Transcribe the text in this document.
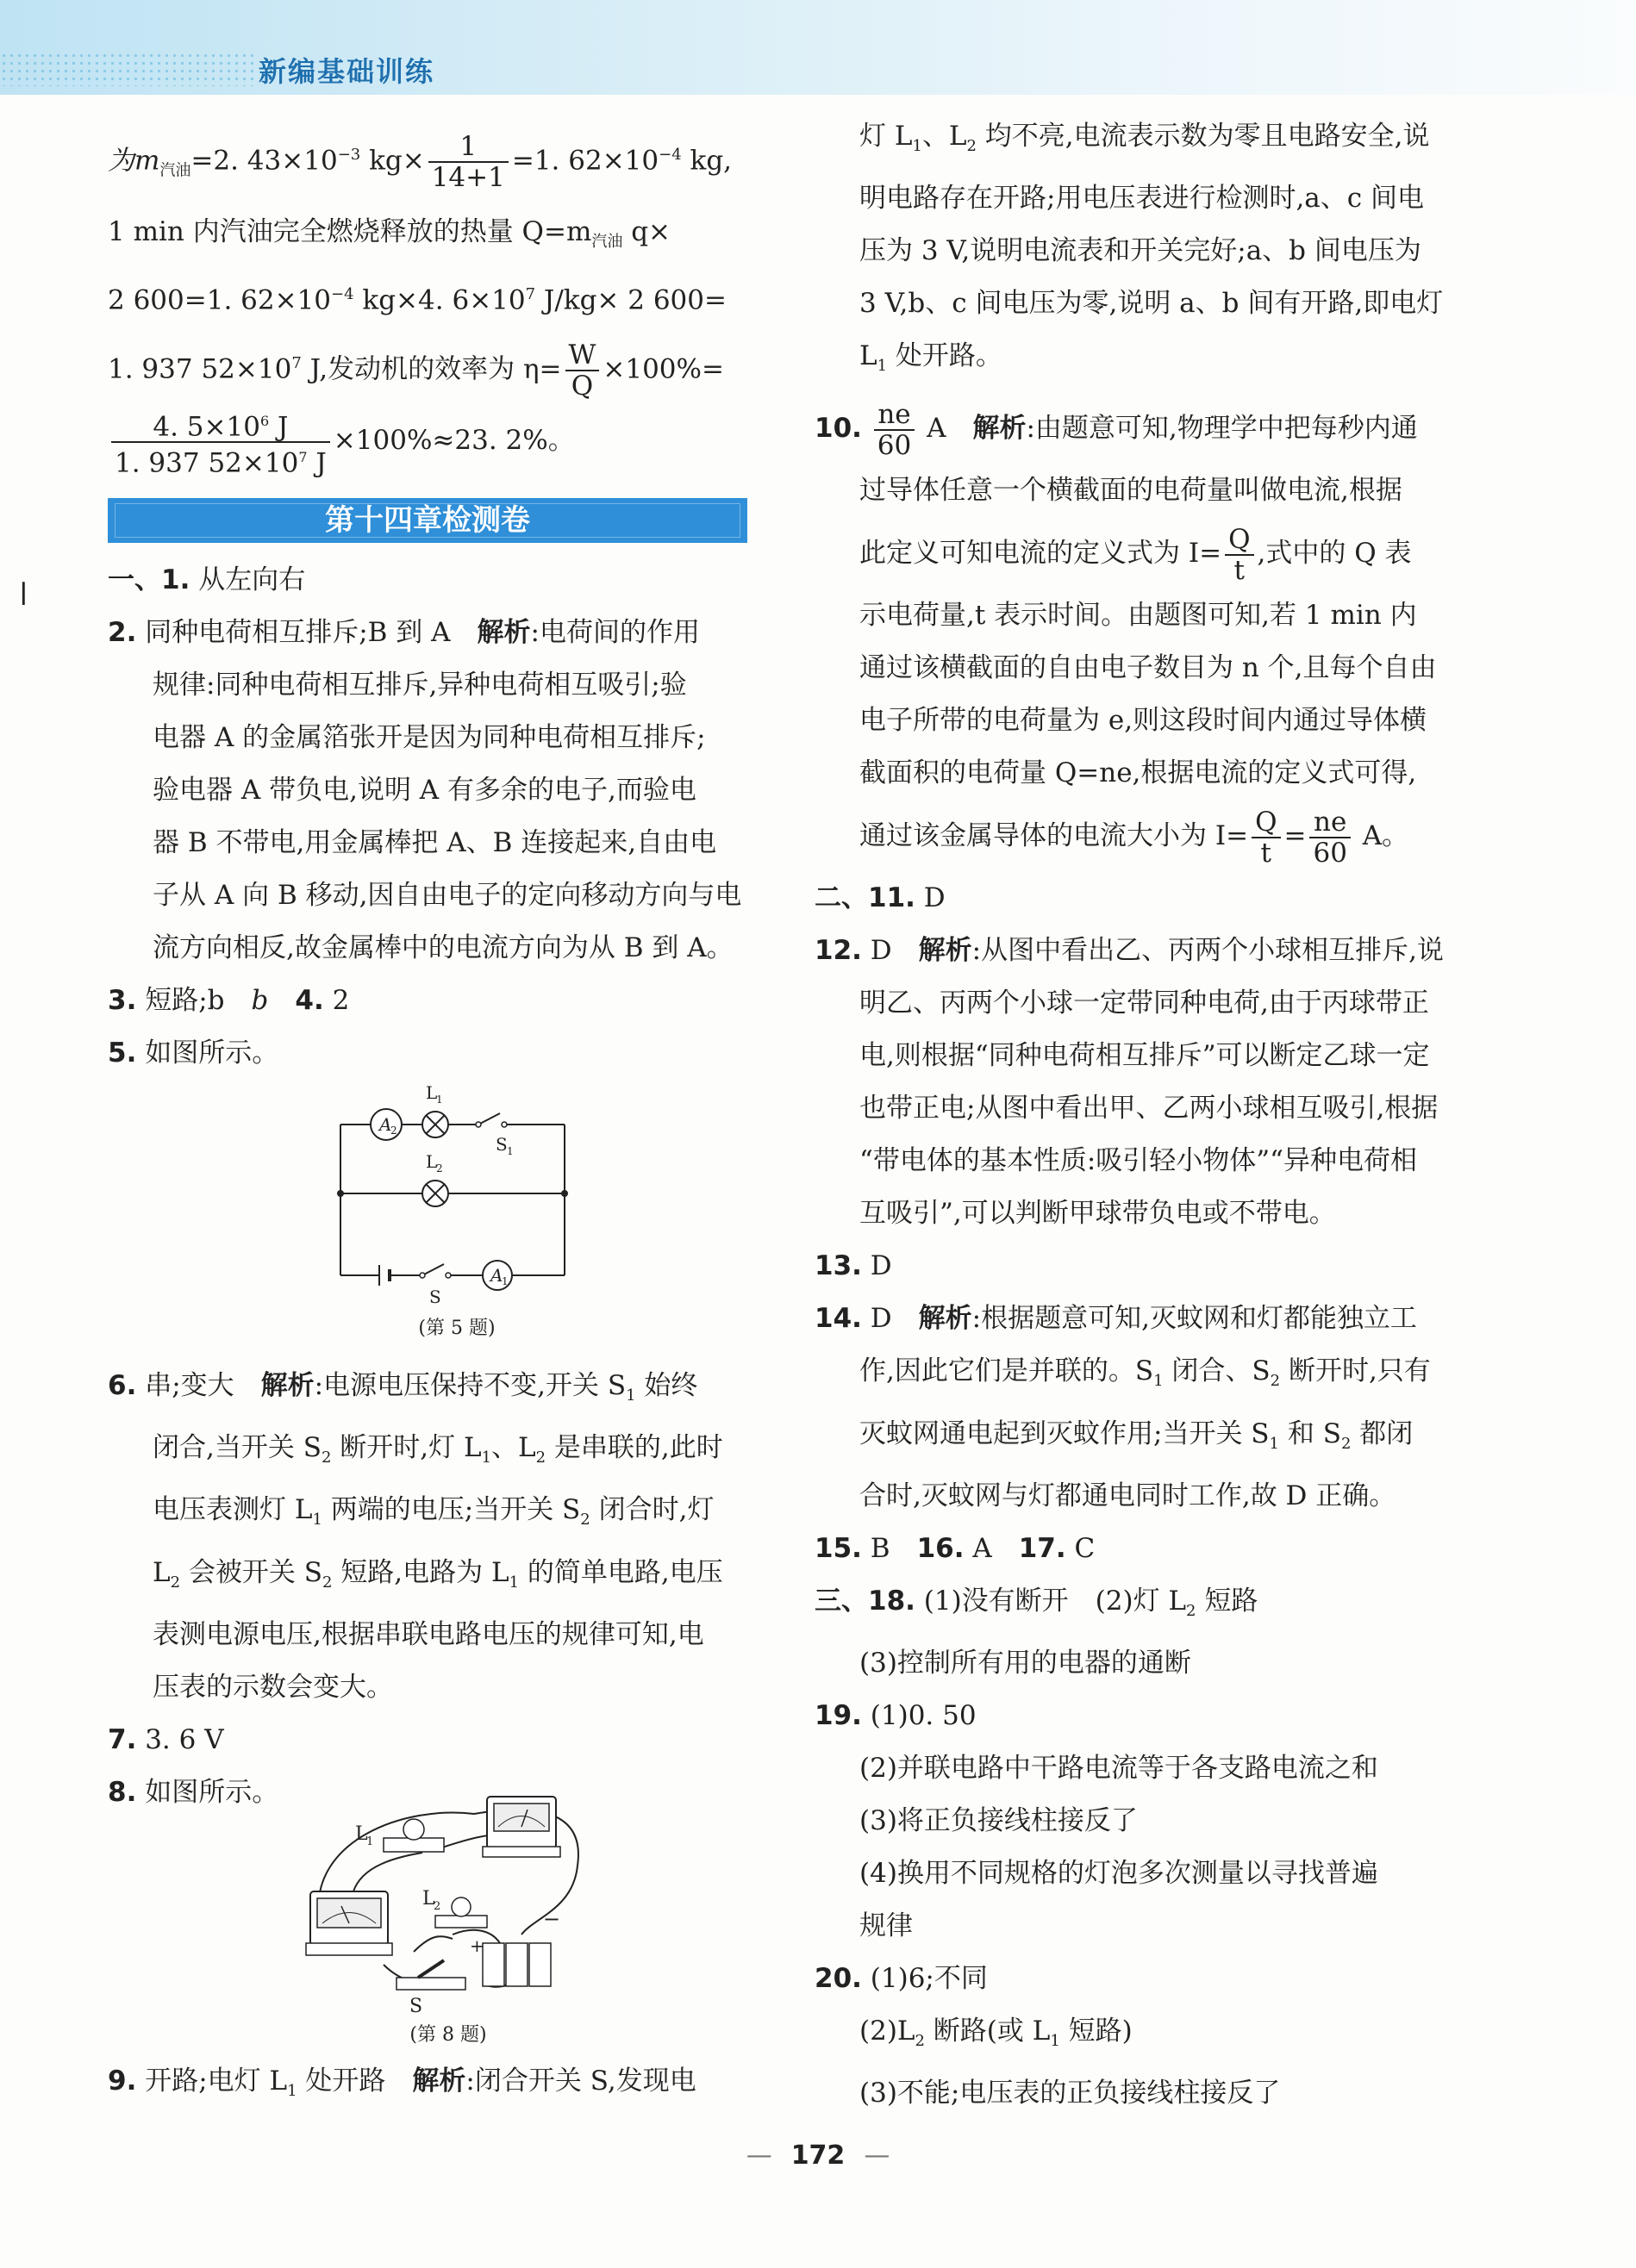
新编基础训练
ǀ
为$m_{汽油}=2$. $43\times 10^{-3}$ $kg\times \frac{1}{14+1} =1$. $62\times 10^{-4}$ kg,
1 min 内汽油完全燃烧释放的热量 $Q=m_{汽油}$ q×
2 600=1. $62\times 10^{-4}$ kg×4. $6\times 10^7$ J/kg× 2 600=
1. 937 $52\times 10^7$ J,发动机的效率为 $\eta= \frac{W}{Q} \times 100\%=$
$\frac{4. 5\times 10^6 J}{1. 937 52\times 10^7 J} \times 100\%\approx 23$. 2%。
第十四章检测卷
一、1. 从左向右
2. 同种电荷相互排斥;B 到 A　解析:电荷间的作用
规律:同种电荷相互排斥,异种电荷相互吸引;验
电器 A 的金属箔张开是因为同种电荷相互排斥;
验电器 A 带负电,说明 A 有多余的电子,而验电
器 B 不带电,用金属棒把 A、B 连接起来,自由电
子从 A 向 B 移动,因自由电子的定向移动方向与电
流方向相反,故金属棒中的电流方向为从 B 到 A。
3. 短路;b　b　 4. 2
5. 如图所示。
A
2
L
1
S 1
L
2
S
A
1
(第 5 题)
6. 串;变大　解析:电源电压保持不变,开关 $S_1$ 始终
闭合,当开关 $S_2$ 断开时,灯 $L_1$、$L_2$ 是串联的,此时
电压表测灯 $L_1$ 两端的电压;当开关 $S_2$ 闭合时,灯
$L_2$ 会被开关 $S_2$ 短路,电路为 $L_1$ 的简单电路,电压
表测电源电压,根据串联电路电压的规律可知,电
压表的示数会变大。
7. 3. 6 V
8. 如图所示。
L
1
L
2
−
+
S
(第 8 题)
9. 开路;电灯 $L_1$ 处开路　解析:闭合开关 S,发现电
灯 $L_1$、$L_2$ 均不亮,电流表示数为零且电路安全,说
明电路存在开路;用电压表进行检测时,a、c 间电
压为 3 V,说明电流表和开关完好;a、b 间电压为
3 V,b、c 间电压为零,说明 a、b 间有开路,即电灯
$L_1$ 处开路。
10. $\frac{ne}{60}$ A　解析:由题意可知,物理学中把每秒内通
过导体任意一个横截面的电荷量叫做电流,根据
此定义可知电流的定义式为 $I= \frac{Q}{t}$ ,式中的 Q 表
示电荷量,t 表示时间。由题图可知,若 1 min 内
通过该横截面的自由电子数目为 n 个,且每个自由
电子所带的电荷量为 e,则这段时间内通过导体横
截面积的电荷量 Q=ne,根据电流的定义式可得,
通过该金属导体的电流大小为 $I= \frac{Q}{t} = \frac{ne}{60}$ A。
二、11. D
12. D　解析:从图中看出乙、丙两个小球相互排斥,说
明乙、丙两个小球一定带同种电荷,由于丙球带正
电,则根据“同种电荷相互排斥”可以断定乙球一定
也带正电;从图中看出甲、乙两小球相互吸引,根据
“带电体的基本性质:吸引轻小物体”“异种电荷相
互吸引”,可以判断甲球带负电或不带电。
13. D
14. D　解析:根据题意可知,灭蚊网和灯都能独立工
作,因此它们是并联的。$S_1$ 闭合、$S_2$ 断开时,只有
灭蚊网通电起到灭蚊作用;当开关 $S_1$ 和 $S_2$ 都闭
合时,灭蚊网与灯都通电同时工作,故 D 正确。
15. B　16. A　17. C
三、18. (1)没有断开　(2)灯 $L_2$ 短路
(3)控制所有用的电器的通断
19. (1)0. 50
(2)并联电路中干路电流等于各支路电流之和
(3)将正负接线柱接反了
(4)换用不同规格的灯泡多次测量以寻找普遍
规律
20. (1)6;不同
$(2)L_2$ 断路(或 $L_1$ 短路)
(3)不能;电压表的正负接线柱接反了
— 172 —
